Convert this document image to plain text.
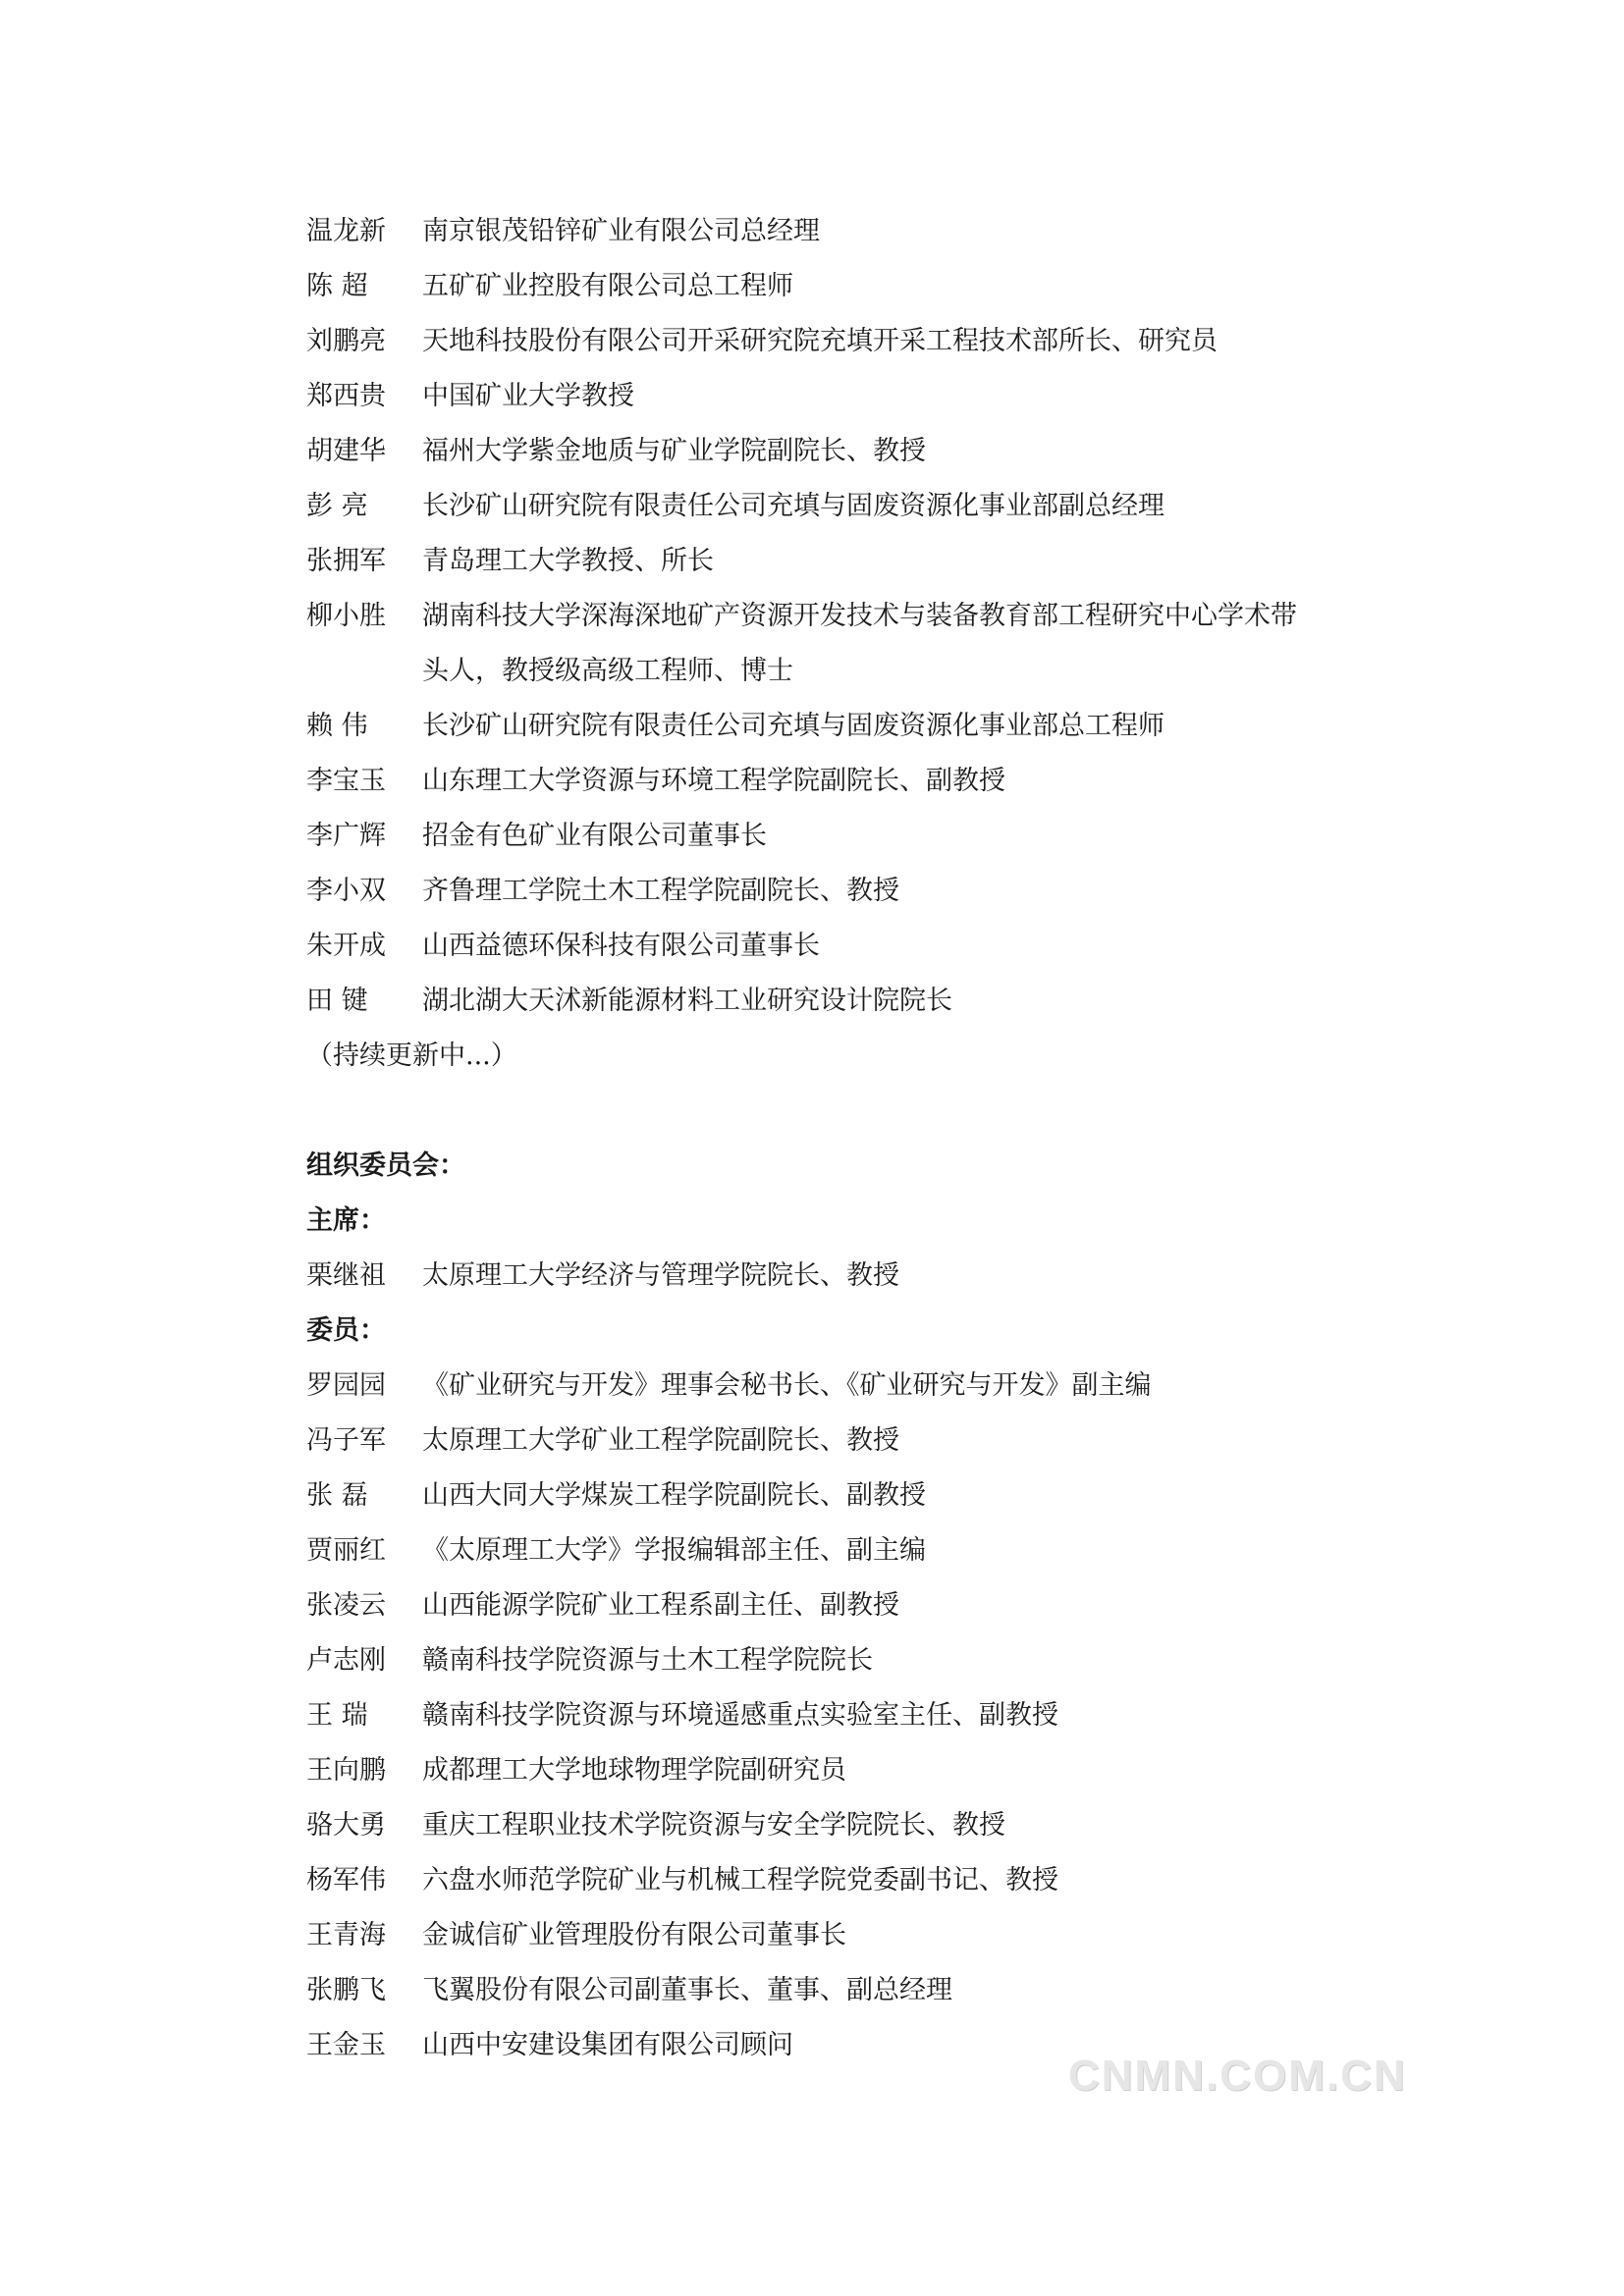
温龙新	南京银茂铅锌矿业有限公司总经理
陈 超	五矿矿业控股有限公司总工程师
刘鹏亮	天地科技股份有限公司开采研究院充填开采工程技术部所长、研究员
郑西贵	中国矿业大学教授
胡建华	福州大学紫金地质与矿业学院副院长、教授
彭 亮	长沙矿山研究院有限责任公司充填与固废资源化事业部副总经理
张拥军	青岛理工大学教授、所长
柳小胜	湖南科技大学深海深地矿产资源开发技术与装备教育部工程研究中心学术带
头人，教授级高级工程师、博士
赖 伟	长沙矿山研究院有限责任公司充填与固废资源化事业部总工程师
李宝玉	山东理工大学资源与环境工程学院副院长、副教授
李广辉	招金有色矿业有限公司董事长
李小双	齐鲁理工学院土木工程学院副院长、教授
朱开成	山西益德环保科技有限公司董事长
田 键	湖北湖大天沭新能源材料工业研究设计院院长
（持续更新中...）
组织委员会：
主席：
栗继祖	太原理工大学经济与管理学院院长、教授
委员：
罗园园	《矿业研究与开发》理事会秘书长、《矿业研究与开发》副主编
冯子军	太原理工大学矿业工程学院副院长、教授
张 磊	山西大同大学煤炭工程学院副院长、副教授
贾丽红	《太原理工大学》学报编辑部主任、副主编
张凌云	山西能源学院矿业工程系副主任、副教授
卢志刚	赣南科技学院资源与土木工程学院院长
王 瑞	赣南科技学院资源与环境遥感重点实验室主任、副教授
王向鹏	成都理工大学地球物理学院副研究员
骆大勇	重庆工程职业技术学院资源与安全学院院长、教授
杨军伟	六盘水师范学院矿业与机械工程学院党委副书记、教授
王青海	金诚信矿业管理股份有限公司董事长
张鹏飞	飞翼股份有限公司副董事长、董事、副总经理
王金玉	山西中安建设集团有限公司顾问
CNMN.COM.CN
